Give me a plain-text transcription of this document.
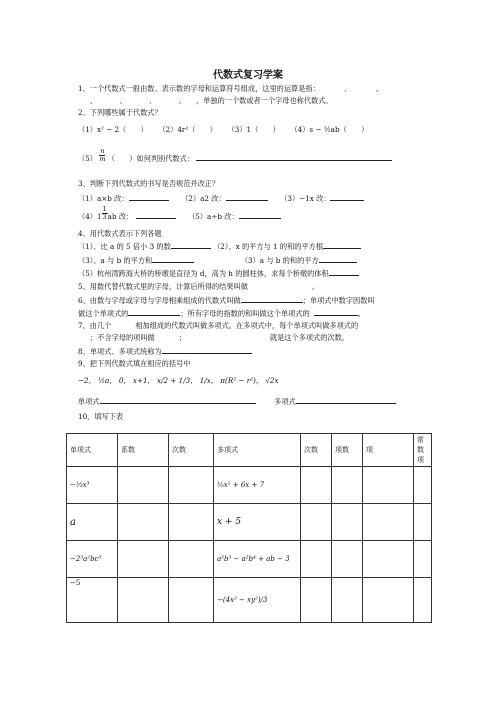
代数式复习学案
1、一个代数式一般由数、表示数的字母和运算符号组成，这里的运算是指：	、	、
、	、	、	、 ，单独的一个数或者一个字母也称代数式。
2、下列哪些属于代数式？
（1）x² − 2（　　） （2）4r²（　　） （3）1（　　） （4）s − ½ab（　　）
$(5) \frac{n}{m}$ （　　）如何判别代数式：
3、判断下列代数式的书写是否规范并改正？
（1）a×b 改：	（2）a2 改：	（3）−1x 改：
$(4)1 \frac{1}{3}$ ab 改：	（5）a÷b 改：
4、用代数式表示下列各题
（1）、比 a 的 5 倍小 3 的数	（2）、x 的平方与 1 的和的平方根
（3）、a 与 b 的平方和	（3）a 与 b 的和的平方
（5）杭州湾跨海大桥的桥墩是直径为 d，高为 h 的圆柱体，求每个桥墩的体积
5、用数代替代数式里的字母，计算后所得的结果叫做	。
6、由数与字母或字母与字母相乘组成的代数式叫做	；单项式中数字因数叫
做这个单项式的	；所有字母的指数的和叫做这个单项式的	。
7、由几个	相加组成的代数式叫做多项式。在多项式中，每个单项式叫做多项式的
；不含字母的项叫做	；	就是这个多项式的次数。
8、单项式、多项式统称为
9、把下列代数式填在相应的括号中
单项式	系数	次数	多项式	次数	项数	项	常数项
−⅓x³			⅕x² + 6x + 7				
a			x + 5				
−2³a²bc³			a²b³ − a²b⁴ + ab − 3				
−5			−(4x² − xy²)/3				
−2， ½a， 0， x+1， x/2 + 1/3， 1/x， π(R² − r²)， √2x
单项式	多项式
10、填写下表
